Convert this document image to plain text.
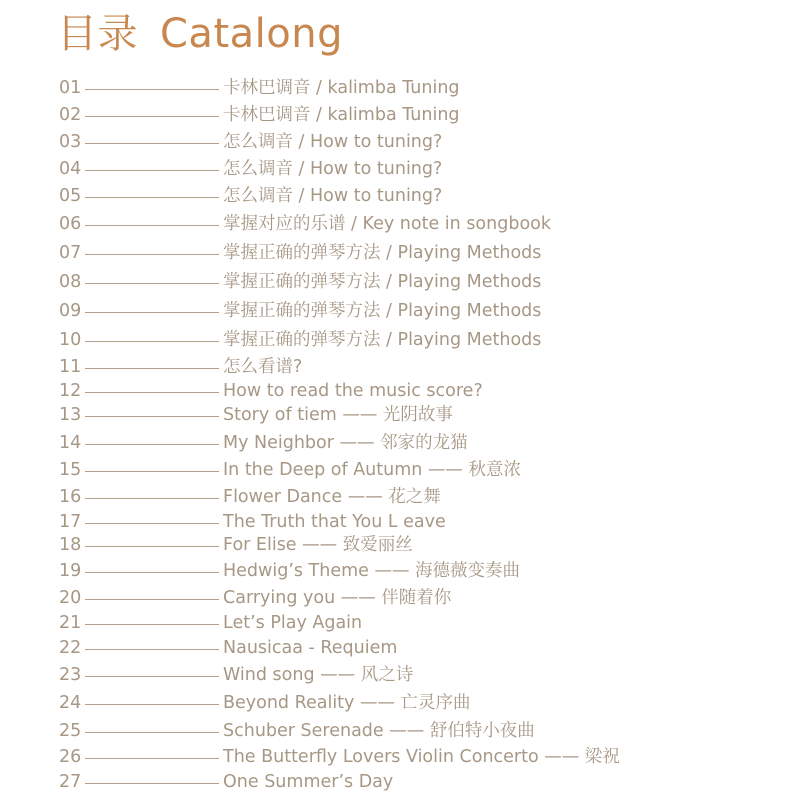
目录 Catalong
01	卡林巴调音 / kalimba Tuning
02	卡林巴调音 / kalimba Tuning
03	怎么调音 / How to tuning?
04	怎么调音 / How to tuning?
05	怎么调音 / How to tuning?
06	掌握对应的乐谱 / Key note in songbook
07	掌握正确的弹琴方法 / Playing Methods
08	掌握正确的弹琴方法 / Playing Methods
09	掌握正确的弹琴方法 / Playing Methods
10	掌握正确的弹琴方法 / Playing Methods
11	怎么看谱?
12	How to read the music score?
13	Story of tiem —— 光阴故事
14	My Neighbor —— 邻家的龙猫
15	In the Deep of Autumn —— 秋意浓
16	Flower Dance —— 花之舞
17	The Truth that You L eave
18	For Elise —— 致爱丽丝
19	Hedwig’s Theme —— 海德薇变奏曲
20	Carrying you —— 伴随着你
21	Let’s Play Again
22	Nausicaa - Requiem
23	Wind song —— 风之诗
24	Beyond Reality —— 亡灵序曲
25	Schuber Serenade —— 舒伯特小夜曲
26	The Butterfly Lovers Violin Concerto —— 梁祝
27	One Summer’s Day
